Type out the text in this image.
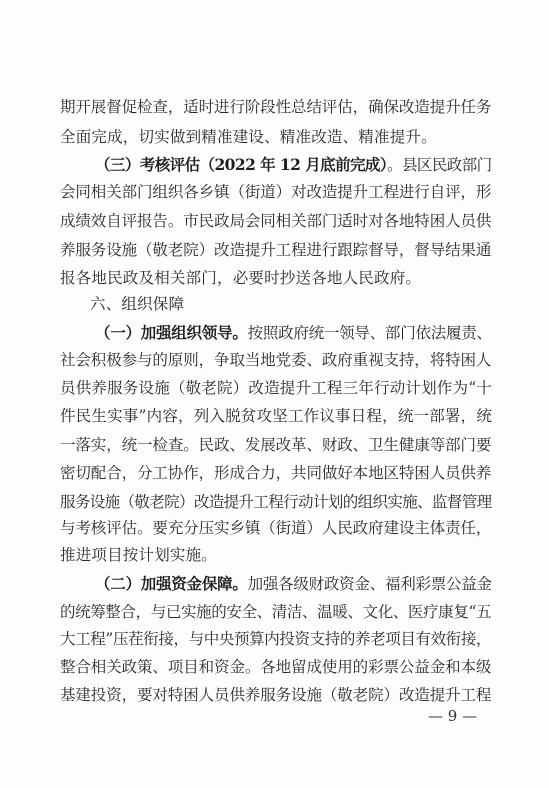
期开展督促检查，适时进行阶段性总结评估，确保改造提升任务
全面完成，切实做到精准建设、精准改造、精准提升。
（三）考核评估（2022 年 12 月底前完成）。县区民政部门
会同相关部门组织各乡镇（街道）对改造提升工程进行自评，形
成绩效自评报告。市民政局会同相关部门适时对各地特困人员供
养服务设施（敬老院）改造提升工程进行跟踪督导，督导结果通
报各地民政及相关部门，必要时抄送各地人民政府。
六、组织保障
（一）加强组织领导。按照政府统一领导、部门依法履责、
社会积极参与的原则，争取当地党委、政府重视支持，将特困人
员供养服务设施（敬老院）改造提升工程三年行动计划作为“十
件民生实事”内容，列入脱贫攻坚工作议事日程，统一部署，统
一落实，统一检查。民政、发展改革、财政、卫生健康等部门要
密切配合，分工协作，形成合力，共同做好本地区特困人员供养
服务设施（敬老院）改造提升工程行动计划的组织实施、监督管理
与考核评估。要充分压实乡镇（街道）人民政府建设主体责任，
推进项目按计划实施。
（二）加强资金保障。加强各级财政资金、福利彩票公益金
的统筹整合，与已实施的安全、清洁、温暖、文化、医疗康复“五
大工程”压茬衔接，与中央预算内投资支持的养老项目有效衔接，
整合相关政策、项目和资金。各地留成使用的彩票公益金和本级
基建投资，要对特困人员供养服务设施（敬老院）改造提升工程
— 9 —
